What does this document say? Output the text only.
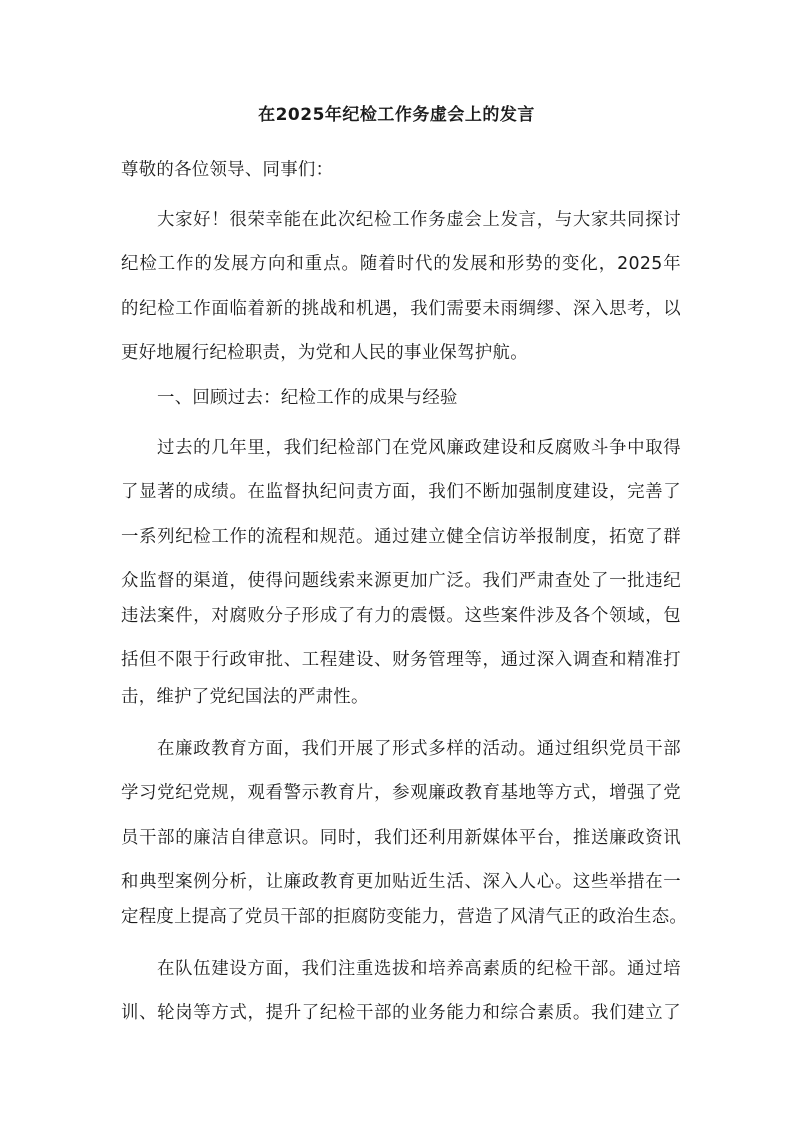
在2025年纪检工作务虚会上的发言
尊敬的各位领导、同事们：
大家好！很荣幸能在此次纪检工作务虚会上发言，与大家共同探讨
纪检工作的发展方向和重点。随着时代的发展和形势的变化，2025年
的纪检工作面临着新的挑战和机遇，我们需要未雨绸缪、深入思考，以
更好地履行纪检职责，为党和人民的事业保驾护航。
一、回顾过去：纪检工作的成果与经验
过去的几年里，我们纪检部门在党风廉政建设和反腐败斗争中取得
了显著的成绩。在监督执纪问责方面，我们不断加强制度建设，完善了
一系列纪检工作的流程和规范。通过建立健全信访举报制度，拓宽了群
众监督的渠道，使得问题线索来源更加广泛。我们严肃查处了一批违纪
违法案件，对腐败分子形成了有力的震慑。这些案件涉及各个领域，包
括但不限于行政审批、工程建设、财务管理等，通过深入调查和精准打
击，维护了党纪国法的严肃性。
在廉政教育方面，我们开展了形式多样的活动。通过组织党员干部
学习党纪党规，观看警示教育片，参观廉政教育基地等方式，增强了党
员干部的廉洁自律意识。同时，我们还利用新媒体平台，推送廉政资讯
和典型案例分析，让廉政教育更加贴近生活、深入人心。这些举措在一
定程度上提高了党员干部的拒腐防变能力，营造了风清气正的政治生态。
在队伍建设方面，我们注重选拔和培养高素质的纪检干部。通过培
训、轮岗等方式，提升了纪检干部的业务能力和综合素质。我们建立了
